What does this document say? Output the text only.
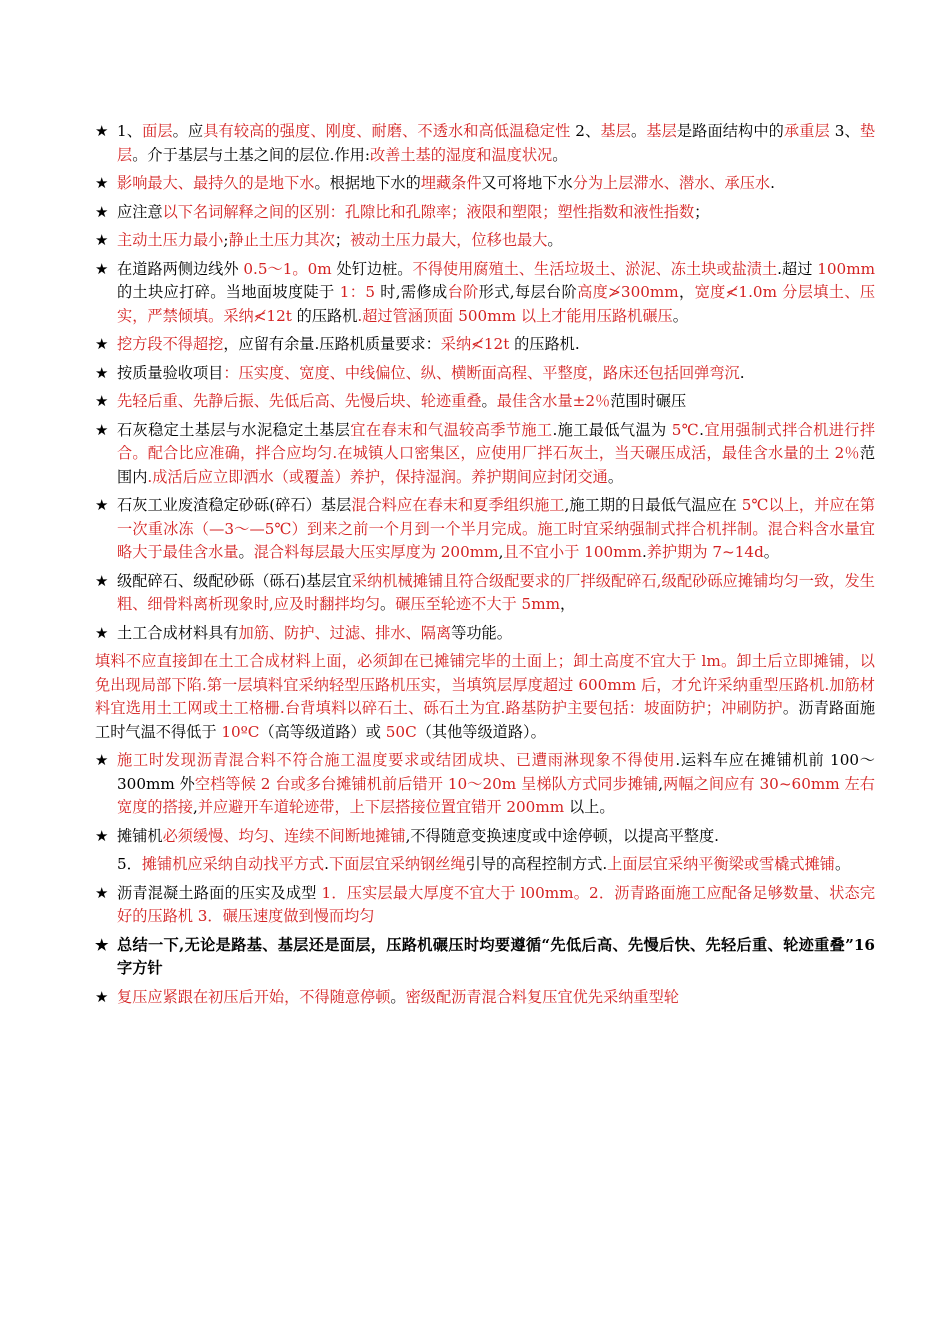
★ 1、面层。应具有较高的强度、刚度、耐磨、不透水和高低温稳定性 2、基层。基层是路面结构中的承重层 3、垫层。介于基层与土基之间的层位.作用:改善土基的湿度和温度状况。

★ 影响最大、最持久的是地下水。根据地下水的埋藏条件又可将地下水分为上层滞水、潜水、承压水.

★ 应注意以下名词解释之间的区别：孔隙比和孔隙率；液限和塑限；塑性指数和液性指数；

★ 主动土压力最小;静止土压力其次；被动土压力最大，位移也最大。

★ 在道路两侧边线外 0.5～1。0m 处钉边桩。不得使用腐殖土、生活垃圾土、淤泥、冻土块或盐渍土.超过 100mm 的土块应打碎。当地面坡度陡于 1：5 时,需修成台阶形式,每层台阶高度≯300mm，宽度≮1.0m 分层填土、压实，严禁倾填。采纳≮12t 的压路机.超过管涵顶面 500mm 以上才能用压路机碾压。

★ 挖方段不得超挖，应留有余量.压路机质量要求：采纳≮12t 的压路机.

★ 按质量验收项目：压实度、宽度、中线偏位、纵、横断面高程、平整度，路床还包括回弹弯沉.

★ 先轻后重、先静后振、先低后高、先慢后块、轮迹重叠。最佳含水量±2％范围时碾压

★ 石灰稳定土基层与水泥稳定土基层宜在春末和气温较高季节施工.施工最低气温为 5℃.宜用强制式拌合机进行拌合。配合比应准确，拌合应均匀.在城镇人口密集区，应使用厂拌石灰土，当天碾压成活，最佳含水量的土 2％范围内.成活后应立即洒水（或覆盖）养护，保持湿润。养护期间应封闭交通。

★ 石灰工业废渣稳定砂砾(碎石）基层混合料应在春末和夏季组织施工,施工期的日最低气温应在 5℃以上，并应在第一次重冰冻（—3～—5℃）到来之前一个月到一个半月完成。施工时宜采纳强制式拌合机拌制。混合料含水量宜略大于最佳含水量。混合料每层最大压实厚度为 200mm,且不宜小于 100mm.养护期为 7~14d。

★ 级配碎石、级配砂砾（砾石)基层宜采纳机械摊铺且符合级配要求的厂拌级配碎石,级配砂砾应摊铺均匀一致，发生粗、细骨料离析现象时,应及时翻拌均匀。碾压至轮迹不大于 5mm，

★ 土工合成材料具有加筋、防护、过滤、排水、隔离等功能。

填料不应直接卸在土工合成材料上面，必须卸在已摊铺完毕的土面上；卸土高度不宜大于 lm。卸土后立即摊铺，以免出现局部下陷.第一层填料宜采纳轻型压路机压实，当填筑层厚度超过 600mm 后，才允许采纳重型压路机.加筋材料宜选用土工网或土工格栅.台背填料以碎石土、砾石土为宜.路基防护主要包括：坡面防护；冲刷防护。沥青路面施工时气温不得低于 10ºC（高等级道路）或 50C（其他等级道路）。

★ 施工时发现沥青混合料不符合施工温度要求或结团成块、已遭雨淋现象不得使用.运料车应在摊铺机前 100～300mm 外空档等候 2 台或多台摊铺机前后错开 10～20m 呈梯队方式同步摊铺,两幅之间应有 30~60mm 左右宽度的搭接,并应避开车道轮迹带，上下层搭接位置宜错开 200mm 以上。

★ 摊铺机必须缓慢、均匀、连续不间断地摊铺,不得随意变换速度或中途停顿，以提高平整度.

5．摊铺机应采纳自动找平方式.下面层宜采纳钢丝绳引导的高程控制方式.上面层宜采纳平衡梁或雪橇式摊铺。

★ 沥青混凝土路面的压实及成型 1．压实层最大厚度不宜大于 l00mm。2．沥青路面施工应配备足够数量、状态完好的压路机 3．碾压速度做到慢而均匀

★ 总结一下,无论是路基、基层还是面层，压路机碾压时均要遵循“先低后高、先慢后快、先轻后重、轮迹重叠”16 字方针

★ 复压应紧跟在初压后开始，不得随意停顿。密级配沥青混合料复压宜优先采纳重型轮
